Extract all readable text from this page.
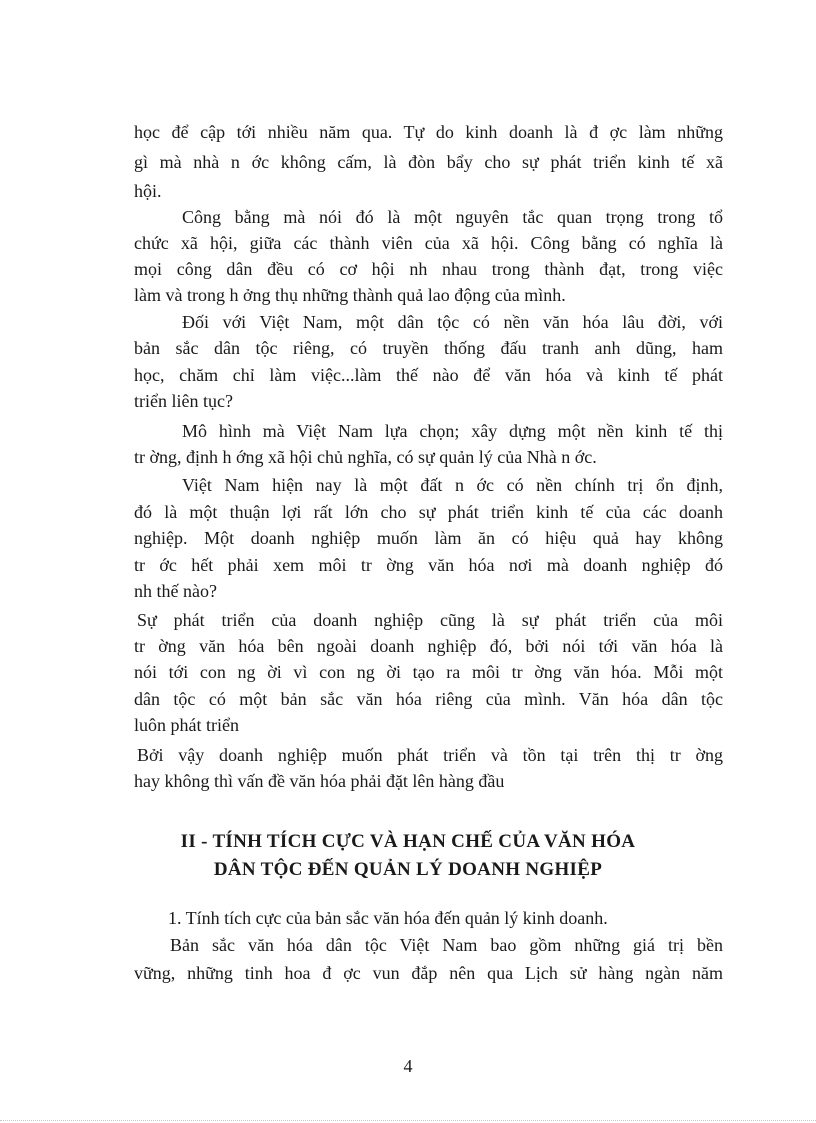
học để cập tới nhiều năm qua. Tự do kinh doanh là đ ợc làm những
gì mà nhà n ớc không cấm, là đòn bẩy cho sự phát triển kinh tế xã
hội.
Công bằng mà nói đó là một nguyên tắc quan trọng trong tổ
chức xã hội, giữa các thành viên của xã hội. Công bằng có nghĩa là
mọi công dân đều có cơ hội nh nhau trong thành đạt, trong việc
làm và trong h ởng thụ những thành quả lao động của mình.
Đối với Việt Nam, một dân tộc có nền văn hóa lâu đời, với
bản sắc dân tộc riêng, có truyền thống đấu tranh anh dũng, ham
học, chăm chỉ làm việc...làm thế nào để văn hóa và kinh tế phát
triển liên tục?
Mô hình mà Việt Nam lựa chọn; xây dựng một nền kinh tế thị
tr ờng, định h ớng xã hội chủ nghĩa, có sự quản lý của Nhà n ớc.
Việt Nam hiện nay là một đất n ớc có nền chính trị ổn định,
đó là một thuận lợi rất lớn cho sự phát triển kinh tế của các doanh
nghiệp. Một doanh nghiệp muốn làm ăn có hiệu quả hay không
tr ớc hết phải xem môi tr ờng văn hóa nơi mà doanh nghiệp đó
nh thế nào?
Sự phát triển của doanh nghiệp cũng là sự phát triển của môi
tr ờng văn hóa bên ngoài doanh nghiệp đó, bởi nói tới văn hóa là
nói tới con ng ời vì con ng ời tạo ra môi tr ờng văn hóa. Mỗi một
dân tộc có một bản sắc văn hóa riêng của mình. Văn hóa dân tộc
luôn phát triển
Bởi vậy doanh nghiệp muốn phát triển và tồn tại trên thị tr ờng
hay không thì vấn đề văn hóa phải đặt lên hàng đầu
II - TÍNH TÍCH CỰC VÀ HẠN CHẾ CỦA VĂN HÓA
DÂN TỘC ĐẾN QUẢN LÝ DOANH NGHIỆP
1. Tính tích cực của bản sắc văn hóa đến quản lý kinh doanh.
Bản sắc văn hóa dân tộc Việt Nam bao gồm những giá trị bền
vững, những tinh hoa đ ợc vun đắp nên qua Lịch sử hàng ngàn năm
4
